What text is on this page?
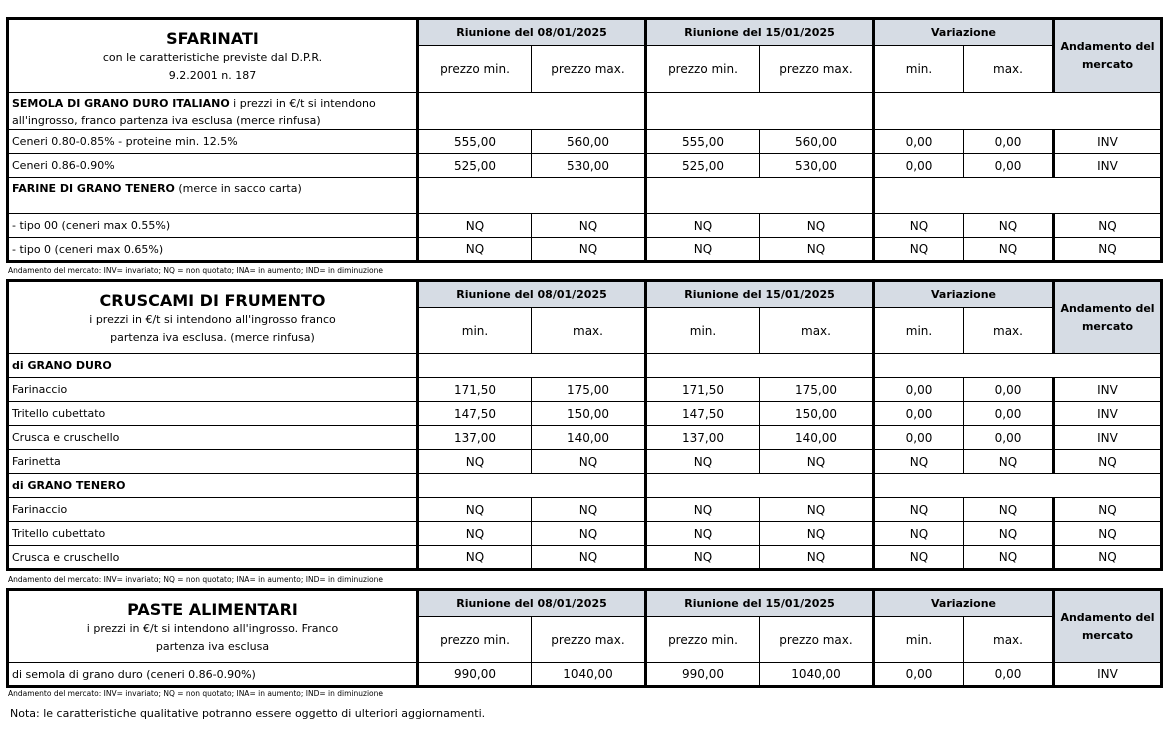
SFARINATI
con le caratteristiche previste dal D.P.R.
9.2.2001 n. 187	Riunione del 08/01/2025		Riunione del 15/01/2025		Variazione		Andamento del mercato
	prezzo min.	prezzo max.	prezzo min.	prezzo max.	min.	max.	
SEMOLA DI GRANO DURO ITALIANO i prezzi in €/t si intendono all'ingrosso, franco partenza iva esclusa (merce rinfusa)							
Ceneri 0.80-0.85% - proteine min. 12.5%	555,00	560,00	555,00	560,00	0,00	0,00	INV
Ceneri 0.86-0.90%	525,00	530,00	525,00	530,00	0,00	0,00	INV
FARINE DI GRANO TENERO (merce in sacco carta)							
- tipo 00 (ceneri max 0.55%)	NQ	NQ	NQ	NQ	NQ	NQ	NQ
- tipo 0 (ceneri max 0.65%)	NQ	NQ	NQ	NQ	NQ	NQ	NQ
Andamento del mercato: INV= invariato; NQ = non quotato; INA= in aumento; IND= in diminuzione
CRUSCAMI DI FRUMENTO
i prezzi in €/t si intendono all'ingrosso franco
partenza iva esclusa. (merce rinfusa)	Riunione del 08/01/2025		Riunione del 15/01/2025		Variazione		Andamento del mercato
	min.	max.	min.	max.	min.	max.	
di GRANO DURO							
Farinaccio	171,50	175,00	171,50	175,00	0,00	0,00	INV
Tritello cubettato	147,50	150,00	147,50	150,00	0,00	0,00	INV
Crusca e cruschello	137,00	140,00	137,00	140,00	0,00	0,00	INV
Farinetta	NQ	NQ	NQ	NQ	NQ	NQ	NQ
di GRANO TENERO							
Farinaccio	NQ	NQ	NQ	NQ	NQ	NQ	NQ
Tritello cubettato	NQ	NQ	NQ	NQ	NQ	NQ	NQ
Crusca e cruschello	NQ	NQ	NQ	NQ	NQ	NQ	NQ
Andamento del mercato: INV= invariato; NQ = non quotato; INA= in aumento; IND= in diminuzione
PASTE ALIMENTARI
i prezzi in €/t si intendono all'ingrosso. Franco
partenza iva esclusa	Riunione del 08/01/2025		Riunione del 15/01/2025		Variazione		Andamento del mercato
	prezzo min.	prezzo max.	prezzo min.	prezzo max.	min.	max.	
di semola di grano duro (ceneri 0.86-0.90%)	990,00	1040,00	990,00	1040,00	0,00	0,00	INV
Andamento del mercato: INV= invariato; NQ = non quotato; INA= in aumento; IND= in diminuzione
Nota: le caratteristiche qualitative potranno essere oggetto di ulteriori aggiornamenti.
